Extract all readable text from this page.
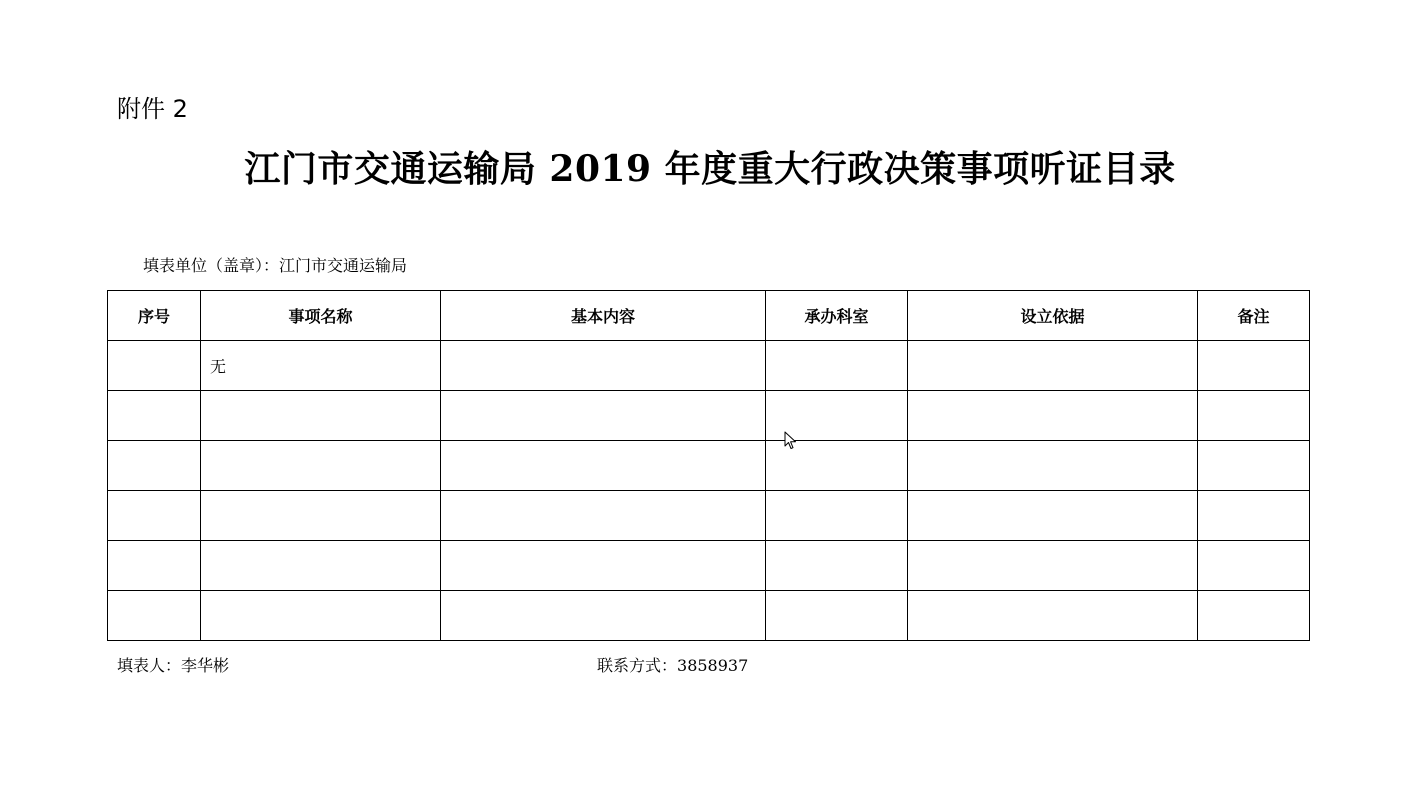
附件 2
江门市交通运输局 2019 年度重大行政决策事项听证目录
填表单位（盖章）：江门市交通运输局
序号	事项名称	基本内容	承办科室	设立依据	备注
	无				

填表人：李华彬	联系方式：3858937
